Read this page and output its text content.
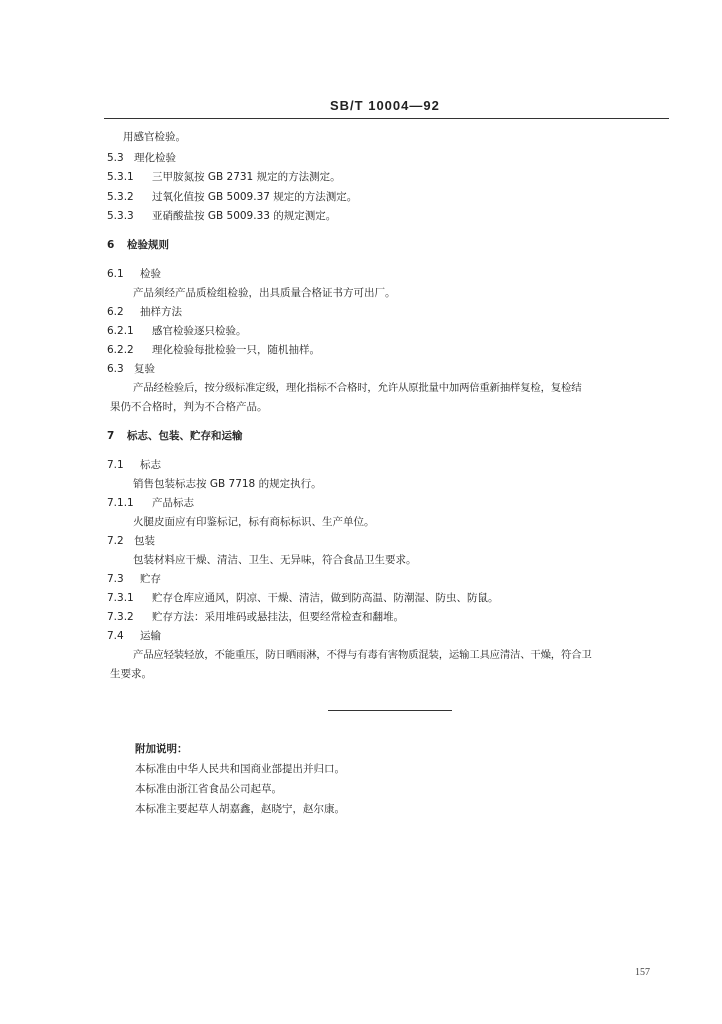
SB/T 10004—92
用感官检验。
5.3 理化检验
5.3.1 三甲胺氮按 GB 2731 规定的方法测定。
5.3.2 过氧化值按 GB 5009.37 规定的方法测定。
5.3.3 亚硝酸盐按 GB 5009.33 的规定测定。
6 检验规则
6.1 检验
产品须经产品质检组检验，出具质量合格证书方可出厂。
6.2 抽样方法
6.2.1 感官检验逐只检验。
6.2.2 理化检验每批检验一只，随机抽样。
6.3 复验
产品经检验后，按分级标准定级，理化指标不合格时，允许从原批量中加两倍重新抽样复检，复检结
果仍不合格时，判为不合格产品。
7 标志、包装、贮存和运输
7.1 标志
销售包装标志按 GB 7718 的规定执行。
7.1.1 产品标志
火腿皮面应有印鉴标记，标有商标标识、生产单位。
7.2 包装
包装材料应干燥、清洁、卫生、无异味，符合食品卫生要求。
7.3 贮存
7.3.1 贮存仓库应通风，阴凉、干燥、清洁，做到防高温、防潮湿、防虫、防鼠。
7.3.2 贮存方法：采用堆码或悬挂法，但要经常检查和翻堆。
7.4 运输
产品应轻装轻放，不能重压，防日晒雨淋，不得与有毒有害物质混装，运输工具应清洁、干燥，符合卫
生要求。
附加说明：
本标准由中华人民共和国商业部提出并归口。
本标准由浙江省食品公司起草。
本标准主要起草人胡嘉鑫，赵晓宁，赵尔康。
157
